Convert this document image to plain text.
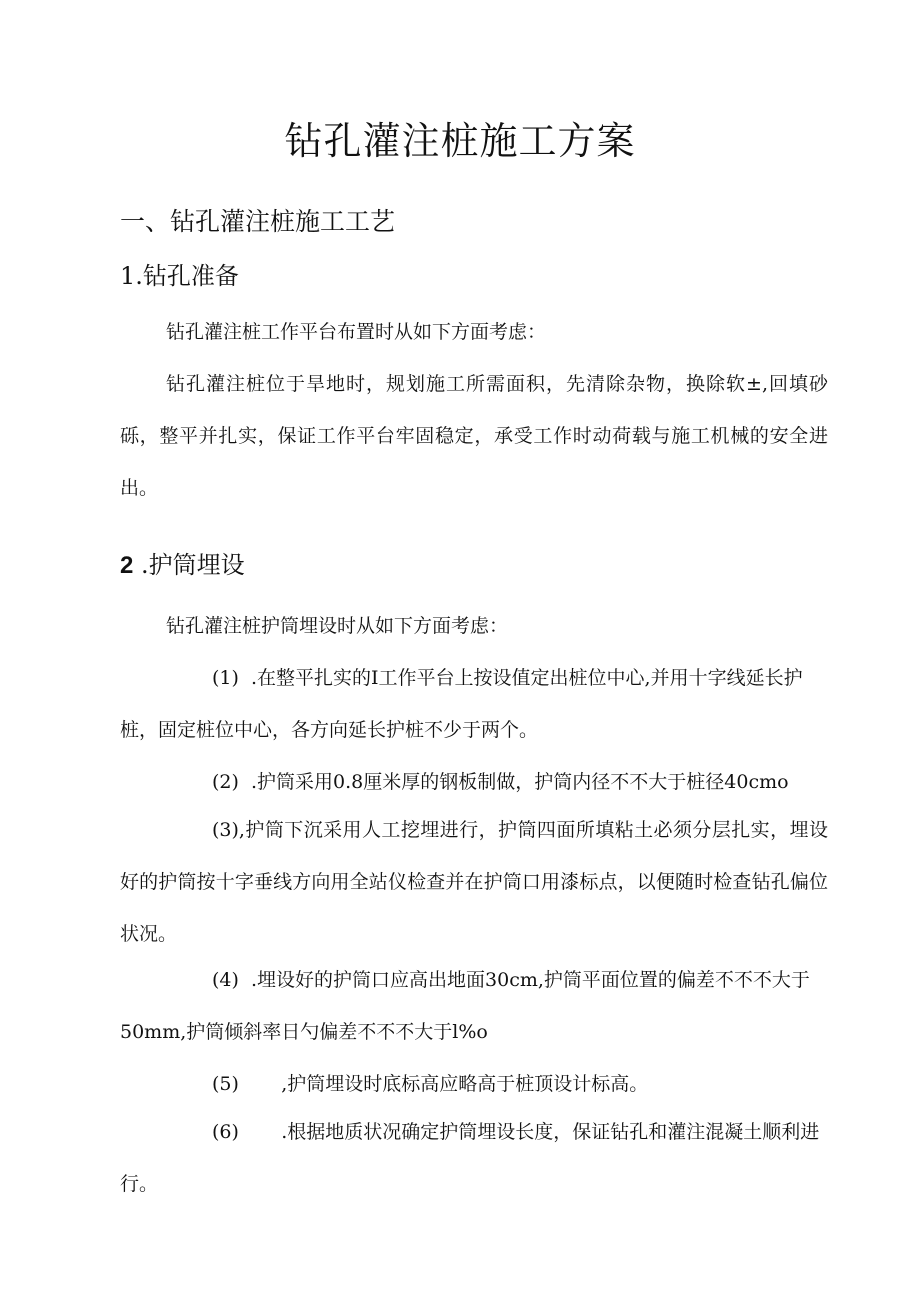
钻孔灌注桩施工方案
一、钻孔灌注桩施工工艺
1.钻孔准备

钻孔灌注桩工作平台布置时从如下方面考虑：

钻孔灌注桩位于旱地时，规划施工所需面积，先清除杂物，换除软±,回填砂砾，整平并扎实，保证工作平台牢固稳定，承受工作时动荷载与施工机械的安全进出。

2 .护筒埋设

钻孔灌注桩护筒埋设时从如下方面考虑：

(1) .在整平扎实的I工作平台上按设值定出桩位中心,并用十字线延长护桩，固定桩位中心，各方向延长护桩不少于两个。

(2) .护筒采用0.8厘米厚的钢板制做，护筒内径不不大于桩径40cmo

(3),护筒下沉采用人工挖埋进行，护筒四面所填粘土必须分层扎实，埋设好的护筒按十字垂线方向用全站仪检查并在护筒口用漆标点，以便随时检查钻孔偏位状况。

(4) .埋设好的护筒口应高出地面30cm,护筒平面位置的偏差不不不大于50mm,护筒倾斜率日勺偏差不不不大于l%o

(5) ,护筒埋设时底标高应略高于桩顶设计标高。

(6) .根据地质状况确定护筒埋设长度，保证钻孔和灌注混凝土顺利进行。
